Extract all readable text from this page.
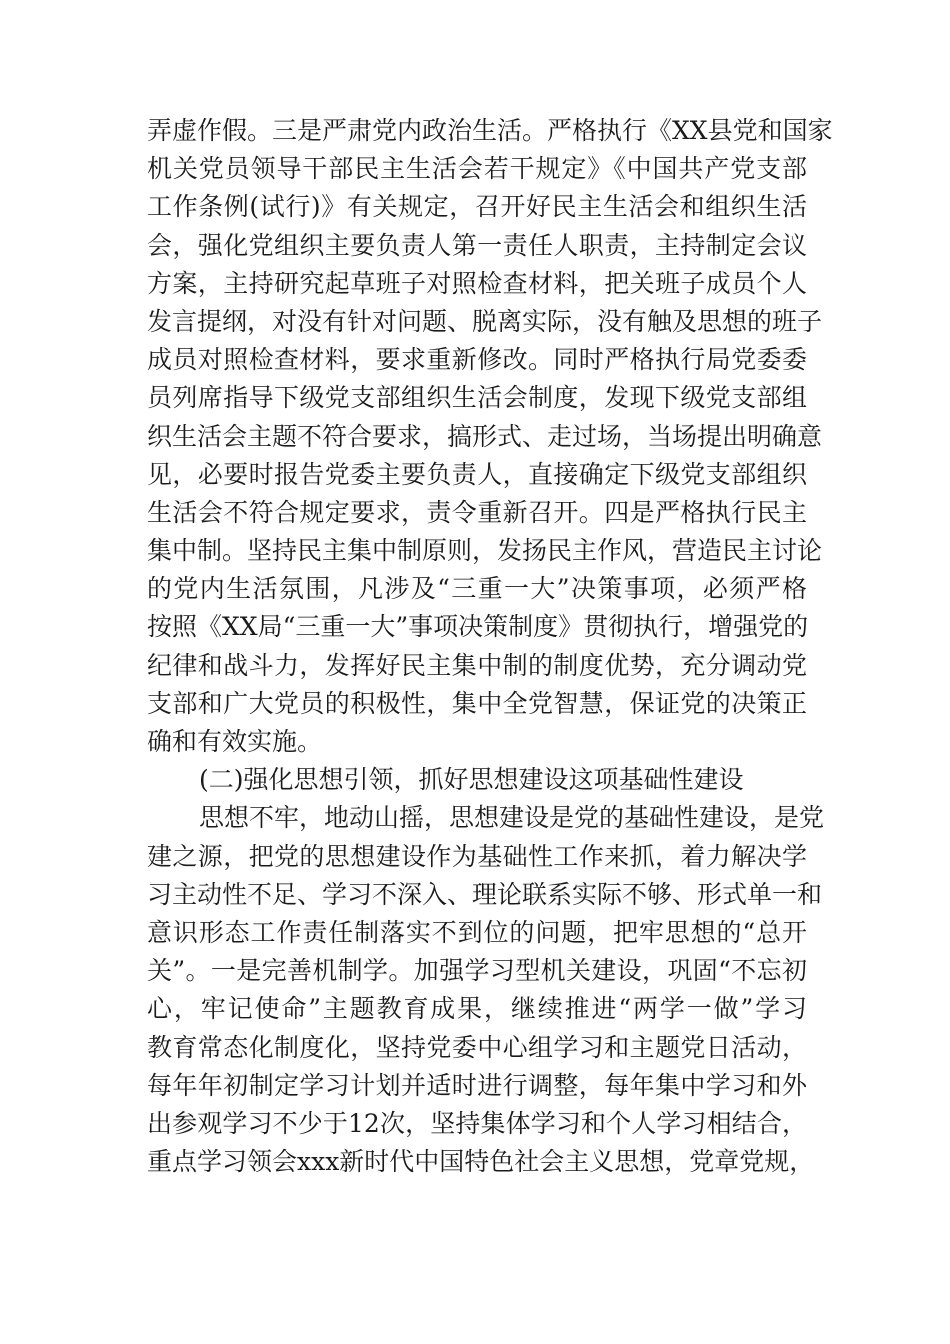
弄虚作假。三是严肃党内政治生活。严格执行《XX县党和国家
机关党员领导干部民主生活会若干规定》《中国共产党支部
工作条例(试行)》有关规定，召开好民主生活会和组织生活
会，强化党组织主要负责人第一责任人职责，主持制定会议
方案，主持研究起草班子对照检查材料，把关班子成员个人
发言提纲，对没有针对问题、脱离实际，没有触及思想的班子
成员对照检查材料，要求重新修改。同时严格执行局党委委
员列席指导下级党支部组织生活会制度，发现下级党支部组
织生活会主题不符合要求，搞形式、走过场，当场提出明确意
见，必要时报告党委主要负责人，直接确定下级党支部组织
生活会不符合规定要求，责令重新召开。四是严格执行民主
集中制。坚持民主集中制原则，发扬民主作风，营造民主讨论
的党内生活氛围，凡涉及“三重一大”决策事项，必须严格
按照《XX局“三重一大”事项决策制度》贯彻执行，增强党的
纪律和战斗力，发挥好民主集中制的制度优势，充分调动党
支部和广大党员的积极性，集中全党智慧，保证党的决策正
确和有效实施。
(二)强化思想引领，抓好思想建设这项基础性建设
思想不牢，地动山摇，思想建设是党的基础性建设，是党
建之源，把党的思想建设作为基础性工作来抓，着力解决学
习主动性不足、学习不深入、理论联系实际不够、形式单一和
意识形态工作责任制落实不到位的问题，把牢思想的“总开
关”。一是完善机制学。加强学习型机关建设，巩固“不忘初
心，牢记使命”主题教育成果，继续推进“两学一做”学习
教育常态化制度化，坚持党委中心组学习和主题党日活动，
每年年初制定学习计划并适时进行调整，每年集中学习和外
出参观学习不少于12次，坚持集体学习和个人学习相结合，
重点学习领会xxx新时代中国特色社会主义思想，党章党规，
